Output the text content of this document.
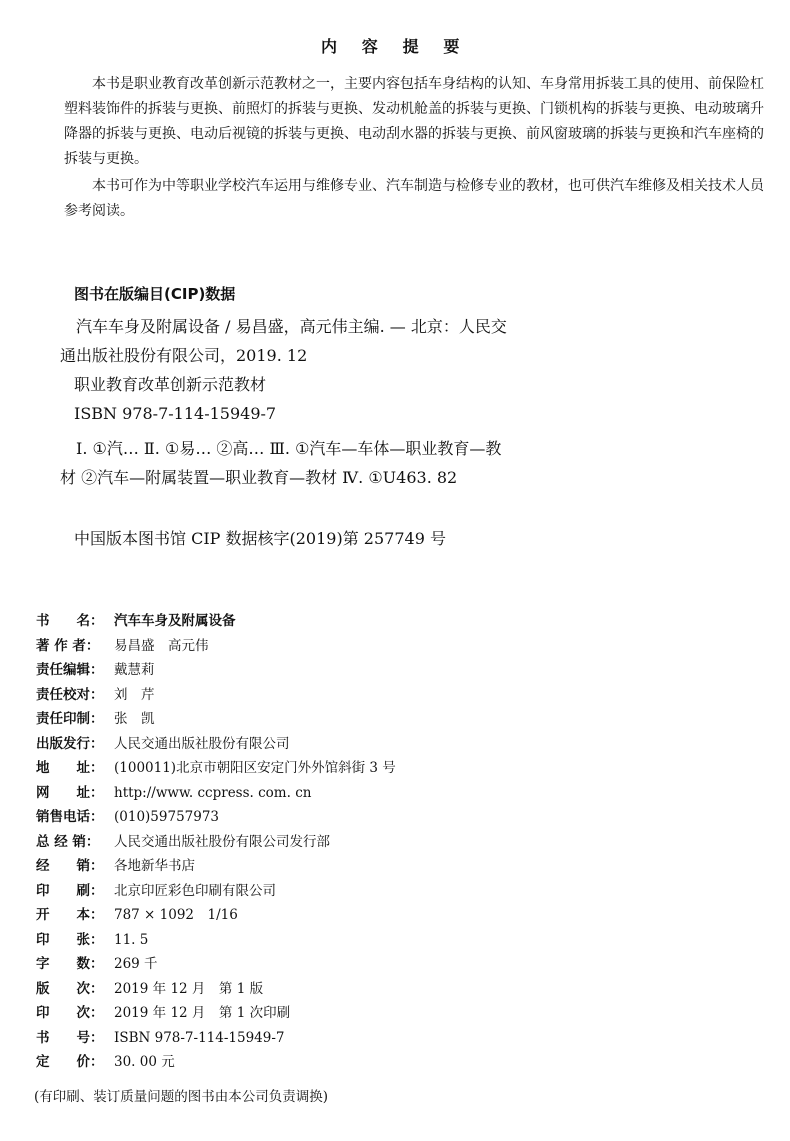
内 容 提 要

本书是职业教育改革创新示范教材之一，主要内容包括车身结构的认知、车身常用拆装工具的使用、前保险杠塑料装饰件的拆装与更换、前照灯的拆装与更换、发动机舱盖的拆装与更换、门锁机构的拆装与更换、电动玻璃升降器的拆装与更换、电动后视镜的拆装与更换、电动刮水器的拆装与更换、前风窗玻璃的拆装与更换和汽车座椅的拆装与更换。

本书可作为中等职业学校汽车运用与维修专业、汽车制造与检修专业的教材，也可供汽车维修及相关技术人员参考阅读。

图书在版编目(CIP)数据

汽车车身及附属设备 / 易昌盛，高元伟主编. — 北京：人民交通出版社股份有限公司，2019. 12

职业教育改革创新示范教材

ISBN 978-7-114-15949-7

Ⅰ. ①汽… Ⅱ. ①易… ②高… Ⅲ. ①汽车—车体—职业教育—教材 ②汽车—附属装置—职业教育—教材 Ⅳ. ①U463. 82

中国版本图书馆 CIP 数据核字(2019)第 257749 号

书　　名： 汽车车身及附属设备
著 作 者： 易昌盛　高元伟
责任编辑： 戴慧莉
责任校对： 刘　芹
责任印制： 张　凯
出版发行： 人民交通出版社股份有限公司
地　　址： (100011)北京市朝阳区安定门外外馆斜街 3 号
网　　址： http://www. ccpress. com. cn
销售电话： (010)59757973
总 经 销： 人民交通出版社股份有限公司发行部
经　　销： 各地新华书店
印　　刷： 北京印匠彩色印刷有限公司
开　　本： 787 × 1092　1/16
印　　张： 11. 5
字　　数： 269 千
版　　次： 2019 年 12 月　第 1 版
印　　次： 2019 年 12 月　第 1 次印刷
书　　号： ISBN 978-7-114-15949-7
定　　价： 30. 00 元
(有印刷、装订质量问题的图书由本公司负责调换)
